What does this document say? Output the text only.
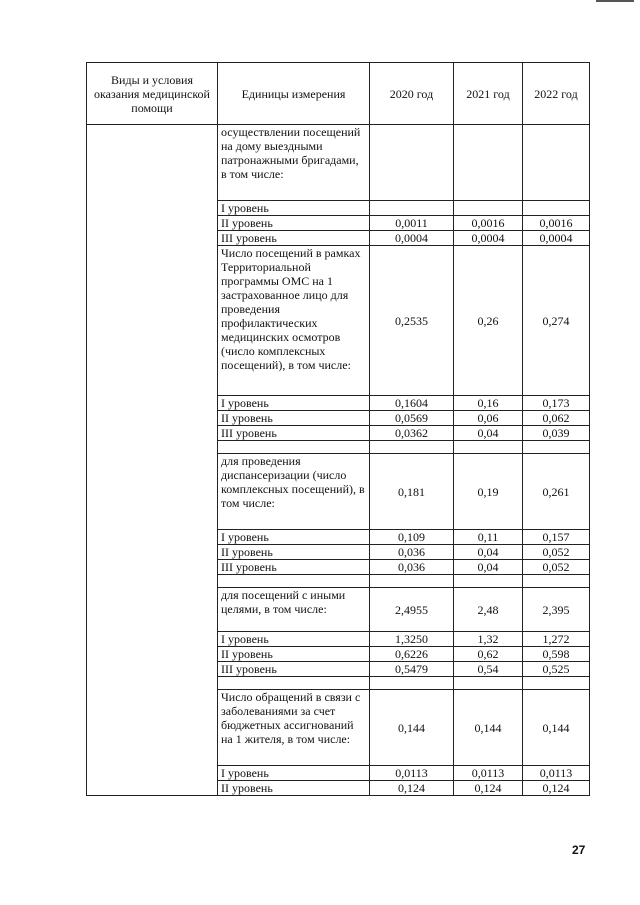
Виды и условия оказания медицинской помощи	Единицы измерения	2020 год	2021 год	2022 год
	осуществлении посещений на дому выездными патронажными бригадами, в том числе:			
	I уровень			
	II уровень	0,0011	0,0016	0,0016
	III уровень	0,0004	0,0004	0,0004
	Число посещений в рамках Территориальной программы ОМС на 1 застрахованное лицо для проведения профилактических медицинских осмотров (число комплексных посещений), в том числе:	0,2535	0,26	0,274
	I уровень	0,1604	0,16	0,173
	II уровень	0,0569	0,06	0,062
	III уровень	0,0362	0,04	0,039

	для проведения диспансеризации (число комплексных посещений), в том числе:	0,181	0,19	0,261
	I уровень	0,109	0,11	0,157
	II уровень	0,036	0,04	0,052
	III уровень	0,036	0,04	0,052

	для посещений с иными целями, в том числе:	2,4955	2,48	2,395
	I уровень	1,3250	1,32	1,272
	II уровень	0,6226	0,62	0,598
	III уровень	0,5479	0,54	0,525

	Число обращений в связи с заболеваниями за счет бюджетных ассигнований на 1 жителя, в том числе:	0,144	0,144	0,144
	I уровень	0,0113	0,0113	0,0113
	II уровень	0,124	0,124	0,124
27
